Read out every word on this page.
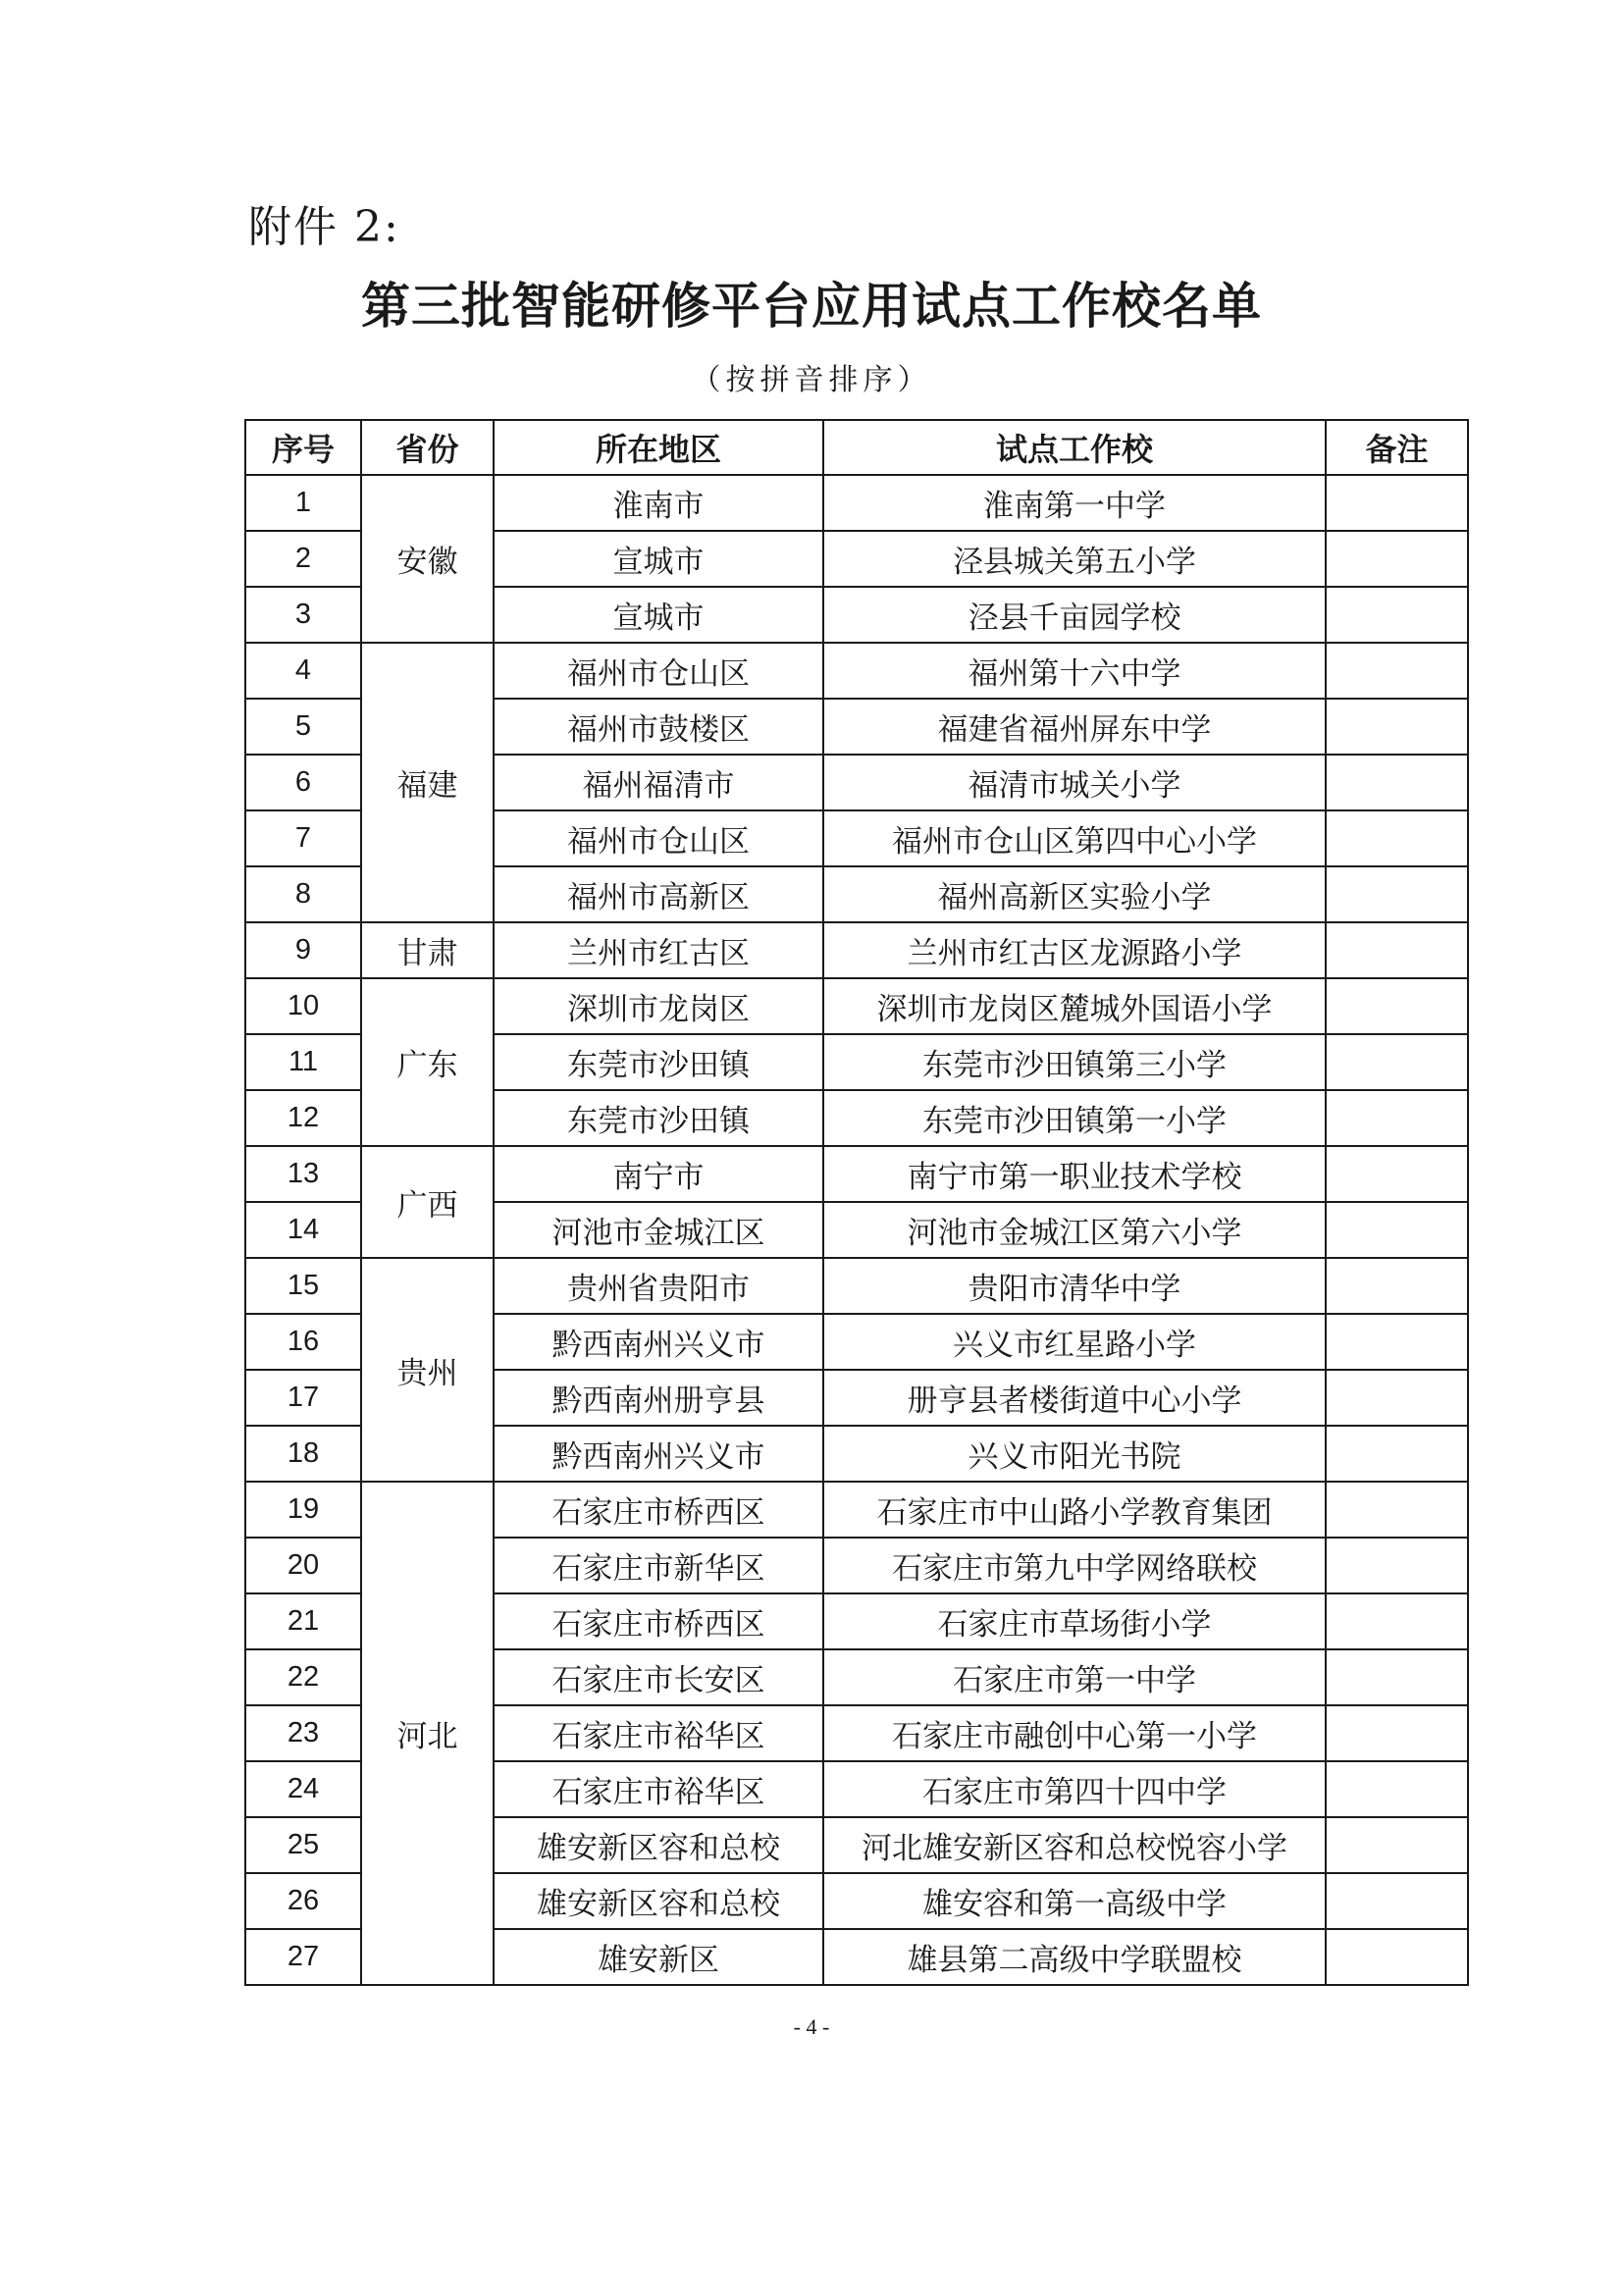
附件 2:
第三批智能研修平台应用试点工作校名单
（按拼音排序）
序号	省份	所在地区	试点工作校	备注
1	安徽	淮南市	淮南第一中学	
2		宣城市	泾县城关第五小学	
3		宣城市	泾县千亩园学校	
4	福建	福州市仓山区	福州第十六中学	
5		福州市鼓楼区	福建省福州屏东中学	
6		福州福清市	福清市城关小学	
7		福州市仓山区	福州市仓山区第四中心小学	
8		福州市高新区	福州高新区实验小学	
9	甘肃	兰州市红古区	兰州市红古区龙源路小学	
10	广东	深圳市龙岗区	深圳市龙岗区麓城外国语小学	
11		东莞市沙田镇	东莞市沙田镇第三小学	
12		东莞市沙田镇	东莞市沙田镇第一小学	
13	广西	南宁市	南宁市第一职业技术学校	
14		河池市金城江区	河池市金城江区第六小学	
15	贵州	贵州省贵阳市	贵阳市清华中学	
16		黔西南州兴义市	兴义市红星路小学	
17		黔西南州册亨县	册亨县者楼街道中心小学	
18		黔西南州兴义市	兴义市阳光书院	
19	河北	石家庄市桥西区	石家庄市中山路小学教育集团	
20		石家庄市新华区	石家庄市第九中学网络联校	
21		石家庄市桥西区	石家庄市草场街小学	
22		石家庄市长安区	石家庄市第一中学	
23		石家庄市裕华区	石家庄市融创中心第一小学	
24		石家庄市裕华区	石家庄市第四十四中学	
25		雄安新区容和总校	河北雄安新区容和总校悦容小学	
26		雄安新区容和总校	雄安容和第一高级中学	
27		雄安新区	雄县第二高级中学联盟校	
- 4 -
